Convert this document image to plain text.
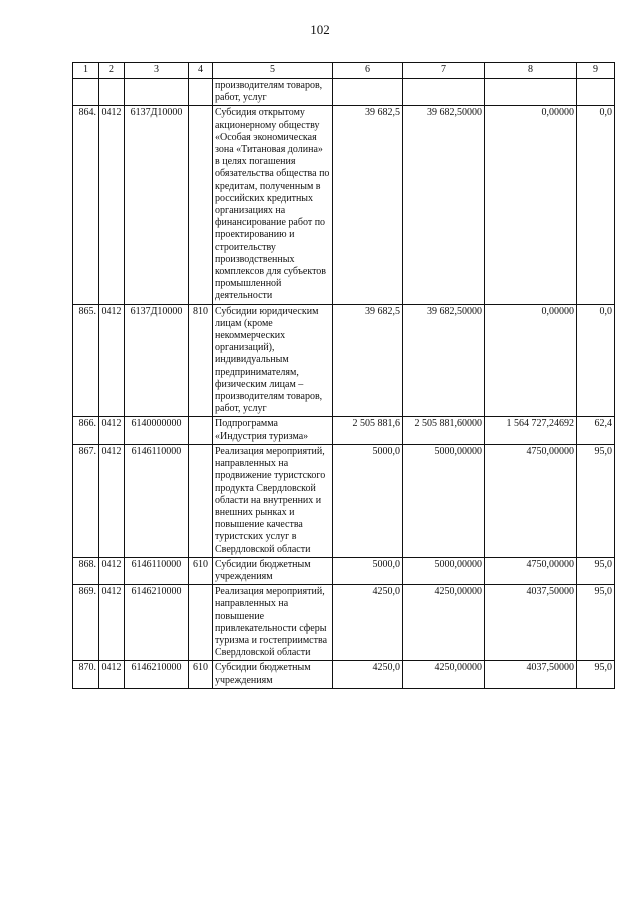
102
1	2	3	4	5	6	7	8	9
				производителям товаров, работ, услуг				
864.	0412	6137Д10000		Субсидия открытому акционерному обществу «Особая экономическая зона «Титановая долина» в целях погашения обязательства общества по кредитам, полученным в российских кредитных организациях на финансирование работ по проектированию и строительству производственных комплексов для субъектов промышленной деятельности	39 682,5	39 682,50000	0,00000	0,0
865.	0412	6137Д10000	810	Субсидии юридическим лицам (кроме некоммерческих организаций), индивидуальным предпринимателям, физическим лицам – производителям товаров, работ, услуг	39 682,5	39 682,50000	0,00000	0,0
866.	0412	6140000000		Подпрограмма «Индустрия туризма»	2 505 881,6	2 505 881,60000	1 564 727,24692	62,4
867.	0412	6146110000		Реализация мероприятий, направленных на продвижение туристского продукта Свердловской области на внутренних и внешних рынках и повышение качества туристских услуг в Свердловской области	5000,0	5000,00000	4750,00000	95,0
868.	0412	6146110000	610	Субсидии бюджетным учреждениям	5000,0	5000,00000	4750,00000	95,0
869.	0412	6146210000		Реализация мероприятий, направленных на повышение привлекательности сферы туризма и гостеприимства Свердловской области	4250,0	4250,00000	4037,50000	95,0
870.	0412	6146210000	610	Субсидии бюджетным учреждениям	4250,0	4250,00000	4037,50000	95,0
